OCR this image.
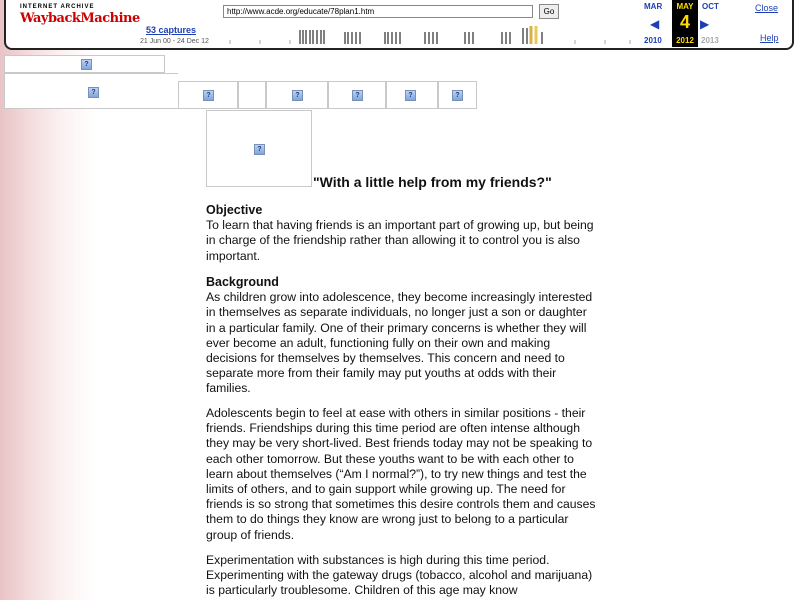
INTERNET ARCHIVE
WaybackMachine
53 captures
21 Jun 00 - 24 Dec 12
http://www.acde.org/educate/78plan1.htm
Go
MAR
◀
2010
MAY
4
2012
OCT
▶
2013
Close
Help
?
?	?	?	?	?	?
?
"With a little help from my friends?"
Objective
To learn that having friends is an important part of growing up, but being in charge of the friendship rather than allowing it to control you is also important.
Background
As children grow into adolescence, they become increasingly interested in themselves as separate individuals, no longer just a son or daughter in a particular family. One of their primary concerns is whether they will ever become an adult, functioning fully on their own and making decisions for themselves by themselves. This concern and need to separate more from their family may put youths at odds with their families.
Adolescents begin to feel at ease with others in similar positions - their friends. Friendships during this time period are often intense although they may be very short-lived. Best friends today may not be speaking to each other tomorrow. But these youths want to be with each other to learn about themselves (“Am I normal?”), to try new things and test the limits of others, and to gain support while growing up. The need for friends is so strong that sometimes this desire controls them and causes them to do things they know are wrong just to belong to a particular group of friends.
Experimentation with substances is high during this time period. Experimenting with the gateway drugs (tobacco, alcohol and marijuana) is particularly troublesome. Children of this age may know
